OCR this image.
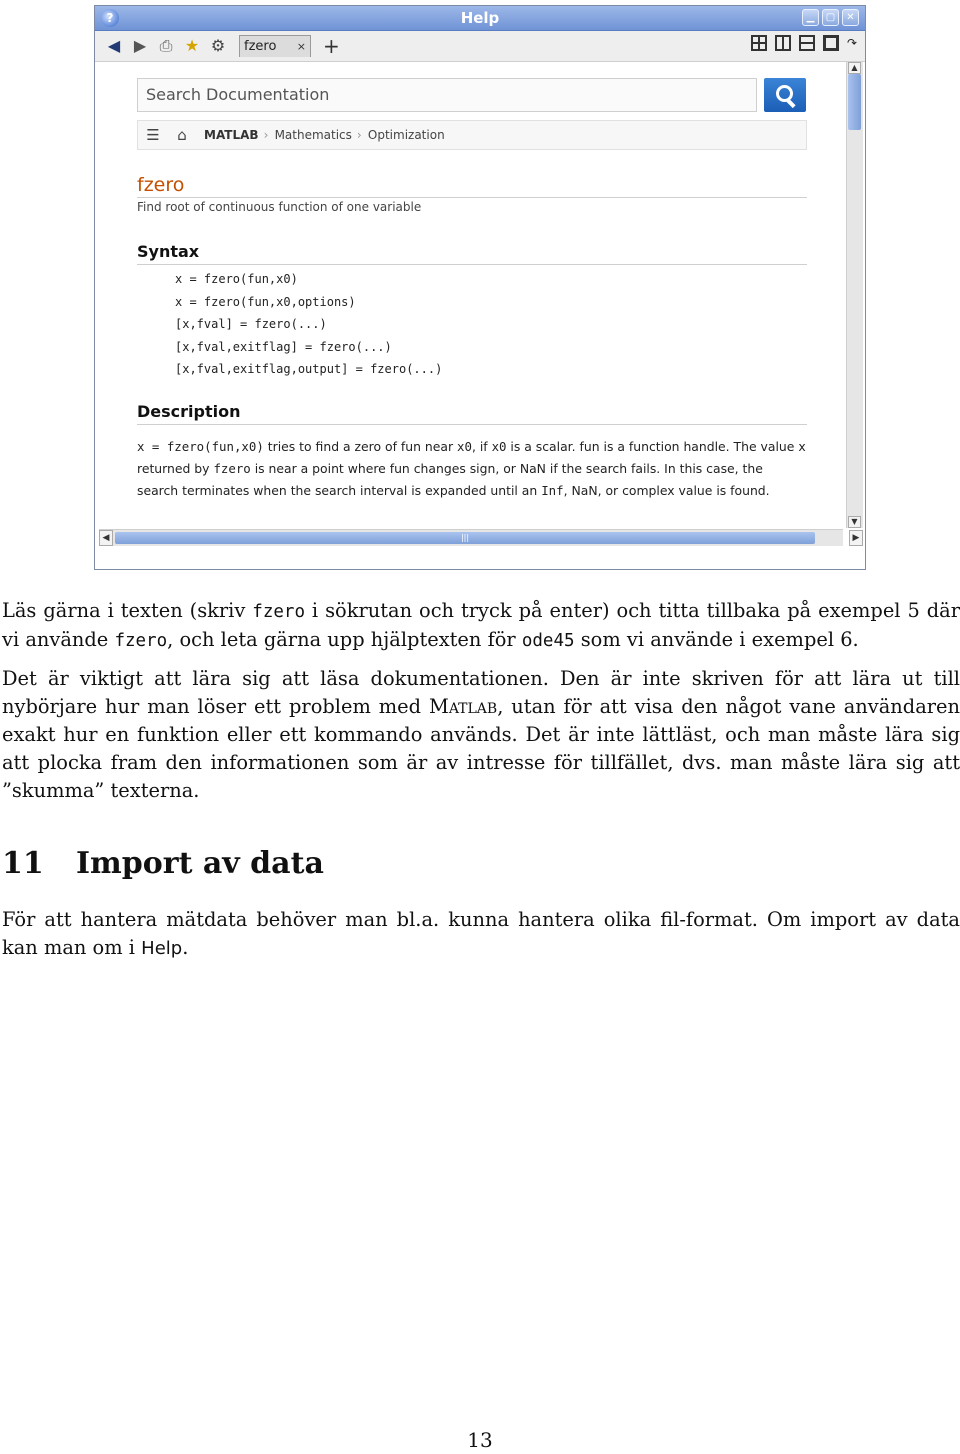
?	Help	▁	▢	✕
◀ ▶ ⎙ ★ ⚙ fzero × +	↷
Search Documentation
☰	⌂	MATLAB	› Mathematics	› Optimization
fzero
Find root of continuous function of one variable
Syntax
x = fzero(fun,x0)
x = fzero(fun,x0,options)
[x,fval] = fzero(...)
[x,fval,exitflag] = fzero(...)
[x,fval,exitflag,output] = fzero(...)
Description
x = fzero(fun,x0) tries to find a zero of fun near x0, if x0 is a scalar. fun is a function handle. The value x returned by fzero is near a point where fun changes sign, or NaN if the search fails. In this case, the search terminates when the search interval is expanded until an Inf, NaN, or complex value is found.
▲
▼
◀	|||	▶
Läs gärna i texten (skriv fzero i sökrutan och tryck på enter) och titta tillbaka på exempel 5 där vi använde fzero, och leta gärna upp hjälptexten för ode45 som vi använde i exempel 6.
Det är viktigt att lära sig att läsa dokumentationen. Den är inte skriven för att lära ut till nybörjare hur man löser ett problem med Matlab, utan för att visa den något vane användaren exakt hur en funktion eller ett kommando används. Det är inte lättläst, och man måste lära sig att plocka fram den informationen som är av intresse för tillfället, dvs. man måste lära sig att ”skumma” texterna.
11 Import av data
För att hantera mätdata behöver man bl.a. kunna hantera olika fil-format. Om import av data kan man om i Help.
13
